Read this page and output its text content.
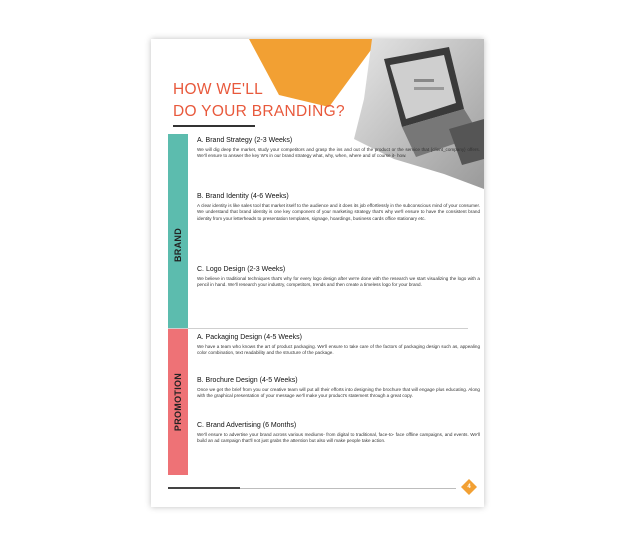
HOW WE'LL
DO YOUR BRANDING?
BRAND
A. Brand Strategy (2-3 Weeks)

We will dig deep the market, study your competitors and grasp the ins and out of the product or the service that {client_company} offers. We'll ensure to answer the key W's in our brand strategy what, why, when, where and of course it- how.

B. Brand Identity (4-6 Weeks)

A clear identity is like sales tool that market itself to the audience and it does its job effortlessly in the subconscious mind of your consumer. We understand that brand identity is one key component of your marketing strategy that's why we'll ensure to have the consistent brand identity from your letterheads to presentation templates, signage, hoardings, business cards office stationary etc.

C. Logo Design (2-3 Weeks)

We believe in traditional techniques that's why for every logo design after we're done with the research we start visualizing the logo with a pencil in hand. We'll research your industry, competitors, trends and then create a timeless logo for your brand.

PROMOTION
A. Packaging Design (4-5 Weeks)

We have a team who knows the art of product packaging. We'll ensure to take care of the factors of packaging design such as, appealing color combination, text readability and the structure of the package.

B. Brochure Design (4-5 Weeks)

Once we get the brief from you our creative team will put all their efforts into designing the brochure that will engage plus educating. Along with the graphical presentation of your message we'll make your product's statement through a great copy.

C. Brand Advertising (6 Months)

We'll ensure to advertise your brand across various mediums- from digital to traditional, face-to- face offline campaigns, and events. We'll build an ad campaign that'll not just grabs the attention but also will make people take action.

4
